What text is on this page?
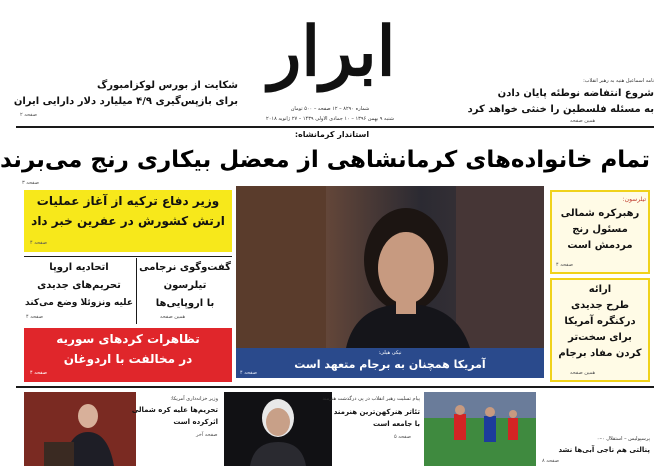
ابرار
شماره ۸۲۹۰ – ۱۲ صفحه – ۵۰۰ تومان
شنبه ۹ بهمن ۱۳۹۶ – ۱۰ جمادی الاولی ۱۴۳۹ – ۲۷ ژانویه ۲۰۱۸
شکایت از بورس لوکزامبورگ
برای بازپس‌گیری ۴/۹ میلیارد دلار دارایی ایران
صفحه ۲
نامه اسماعیل هنیه به رهبر انقلاب:
شروع انتفاضه نوطئه پایان دادن
به مسئله فلسطین را خنثی خواهد کرد
همین صفحه
استاندار کرمانشاه:
تمام خانواده‌های کرمانشاهی از معضل بیکاری رنج می‌برند
صفحه ۳
وزیر دفاع ترکیه از آغاز عملیات
ارتش کشورش در عفرین خبر داد
صفحه ۴
گفت‌وگوی نرجامی
تیلرسون
با اروپایی‌ها
همین صفحه
اتحادیه اروپا
تحریم‌های جدیدی
علیه ونزوئلا وضع می‌کند
صفحه ۴
تظاهرات کردهای سوریه
در مخالفت با اردوغان
صفحه ۴
نیکی هیلی:
آمریکا همچنان به برجام متعهد است
صفحه ۴
تیلرسون:
رهبرکره شمالی
مسئول رنج
مردمش است
صفحه ۴
ارائه
طرح جدیدی
درکنگره آمریکا
برای سخت‌تر
کردن مفاد برجام
همین صفحه
وزیر خزانه‌داری آمریکا:
تحریم‌ها علیه کره شمالی
اثرکرده است
صفحه آخر
پیام تسلیت رهبر انقلاب در پی درگذشت هنرمند
تئاتر هنرکهن‌ترین هنرمند
با جامعه است
صفحه ۵	پرسپولیس – استقلال ۰–۰
پنالتی هم ناجی آبی‌ها نشد
صفحه ۸
